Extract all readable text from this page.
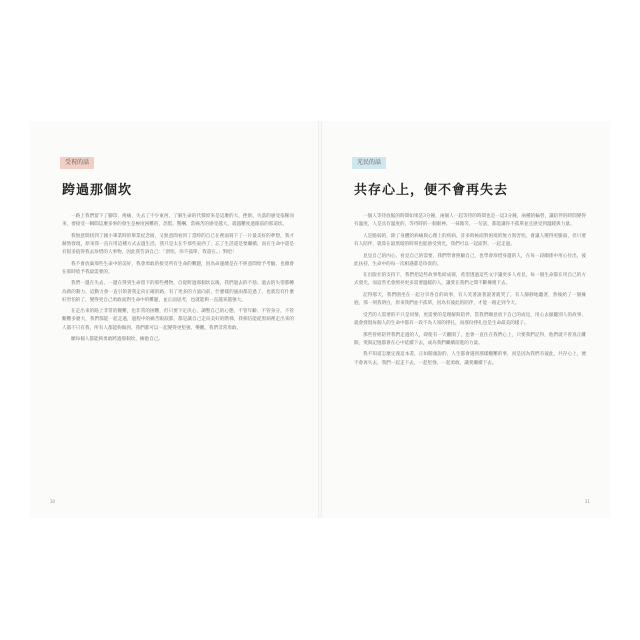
受祝的話
跨過那個坎

一路上我們留下了腳印，疼痛，失去了不少東西，了解生命的代價原來是這麼的大，挫敗、失落的感受依稀而來，要接受一瞬間這麼多事的發生是極度困難的，恐慌、驚嚇、當痛苦的感受越大，就越難度過眼前的那道坎。

我無意間找到了國小畢業時的畢業紀念冊，又無意間看到了當時的自己在裡面寫下了一片最美好的夢想，我才赫然發現，原來我一直在用這種方式去過生活，我只是太在乎那些東西了，忘了生活還是要繼續，而在生命中還是有很多值得我去珍惜的人事物，因此我告訴自己：「別怕，你不孤單，我還在。」對吧！

我不會放棄那些生命中的美好，我會勇敢的接受所有生命的難題，因為命運總是在不經意間給予考驗，也總會在那時給予我最需要的。

我們一邊在失去，一邊在得到生命留下的那些禮物，自從跨過那個坎以後，我們過去的不捨、過去的失望都轉為新的動力，這動力會一直引領著我走向正確的路，有了更多的力量向前，什麼樣的風雨都是過了，也就沒有什麼好害怕的了，變得更自己勇敢面對生命中的難題，並正面思考，也就能夠一直越來越強大。

在走出來的路上非常的艱難，也非常的困難，但只要下定決心，調整自己的心態，不管年齡、不管身分，不管艱難多麼大，我們都能一起走過，過程中的痛苦眼淚都，都是讓自己走向美好的階梯，我相信能從黑洞裡走出來的人都不只有我，所有人都能夠做到，我們都可以一起變得更堅強、樂觀，我們非常勇敢。

願每個人都能夠勇敢跨過那個坎，擁抱自己。

30
光民的話
共存心上，便不會再失去

一個人等待放鬆的時間如果是3分鐘，兩個人一起等待的時間也是一這3分鐘，兩種的輪替，讓陪伴的時間變得有溫度，人是具有溫度的，等待時的一個眼神、一抹微笑、一句話，都能讓你不孤單並且感受到溫暖與力量。

人是脆弱的，除了身體的病痛與心理上的疾病，許多時候面對困境的無力與害怕，會讓人變得更脆弱，但只要有人陪伴，就算在最黑暗的時刻也能感受到光，我們可以一起面對，一起走過。

見見自己的內心，看見自己的需要，我們學會照顧自己，也學會珍惜身邊的人，在每一段關係中用心付出，彼此扶持，生命中的每一次相遇都是珍貴的。

在出版社的支持下，我們把這些故事集結成冊，希望透過這些文字讓更多人看見，每一個生命都在用自己的方式發光，而這些光會照亮更多需要溫暖的人，讓愛在我們之間不斷傳遞下去。

記得那天，我們圍坐在一起分享各自的故事，有人笑著說著說著就哭了，有人靜靜地聽著，然後給了一個擁抱，那一刻我明白，原來我們並不孤單，因為有彼此的陪伴，才能一路走到今天。

受苦的人需要的不只是同情，更需要的是理解與陪伴，當我們願意放下自己的成見，用心去傾聽別人的故事，就會發現每個人的生命中都有一段不為人知的掙扎，而那份掙扎也是生命最美的樣子。

那些曾經陪伴我們走過的人，即使有一天離開了，也會一直住在我們心上，只要我們記得，他們就不曾真正離開，愛與記憶都會在心中延續下去，成為我們繼續前進的力量。

我不知道怎麼定義這本書，正如開頭說的，人生都會遇到那樣艱難的事，而是因為我們有彼此，共存心上，便不會再失去，我們一起走下去，一起堅強，一起勇敢，讓愛繼續下去。

31
